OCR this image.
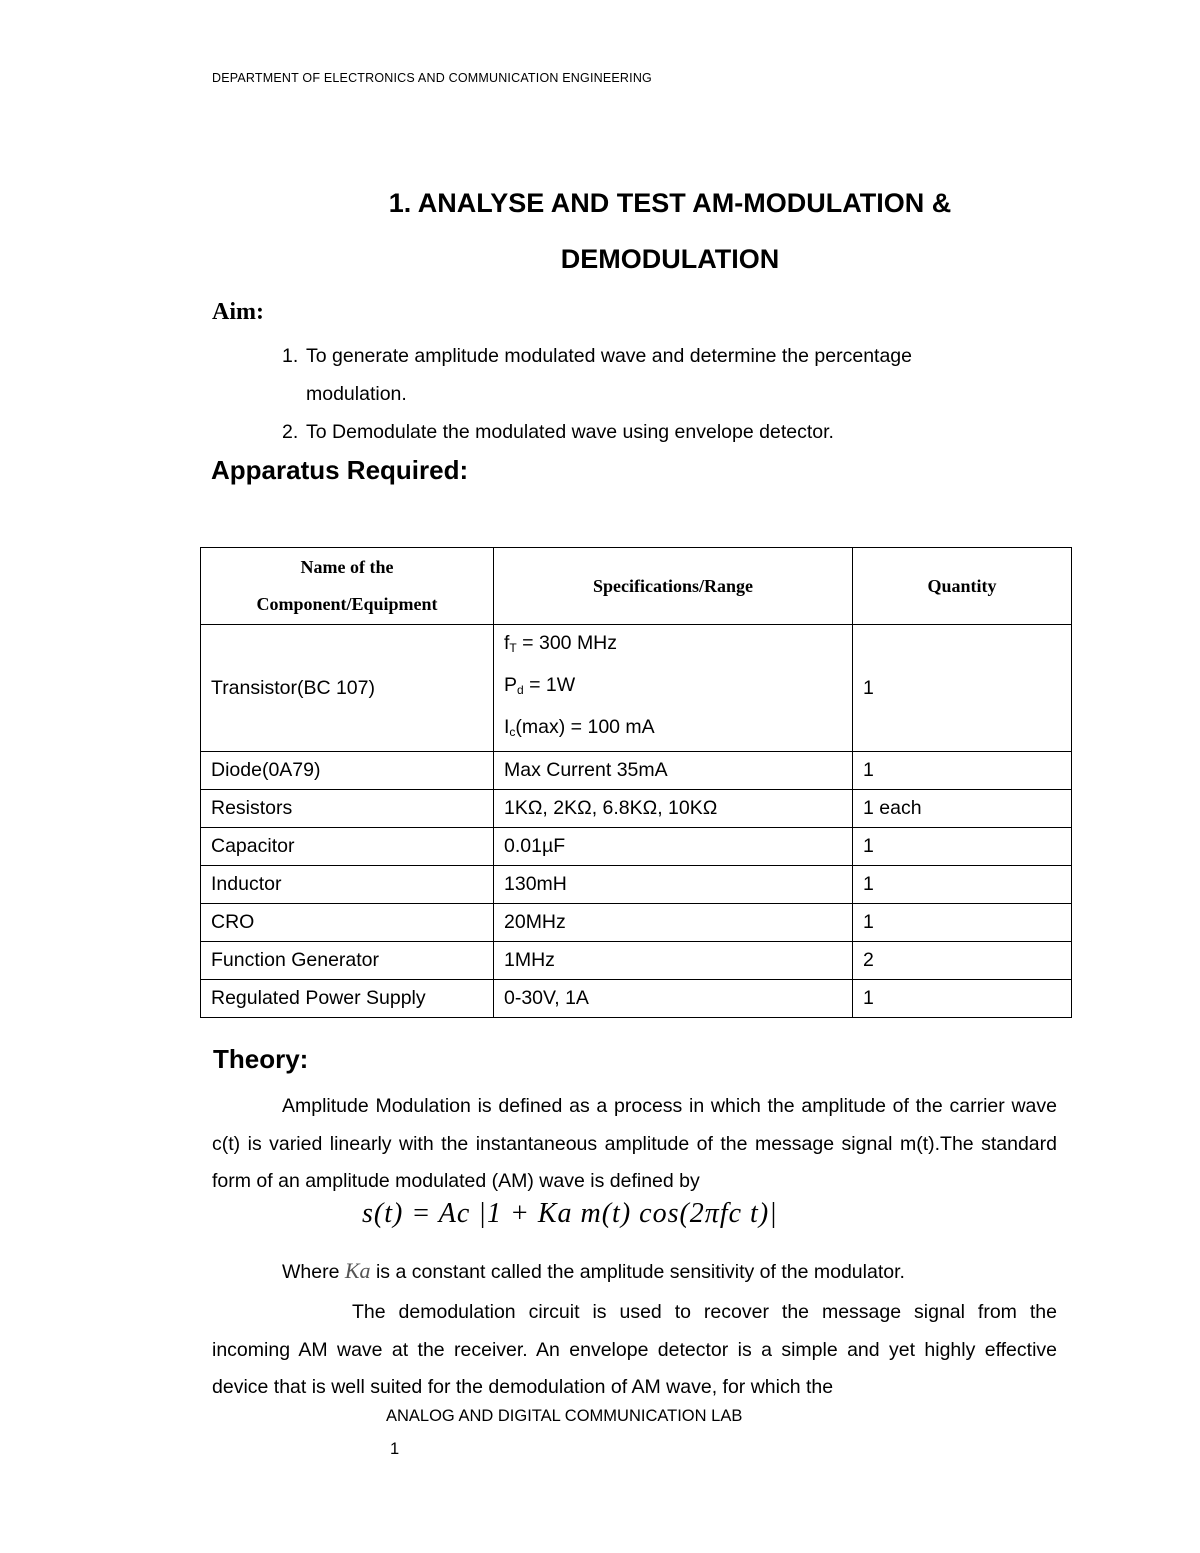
DEPARTMENT OF ELECTRONICS AND COMMUNICATION ENGINEERING
1. ANALYSE AND TEST AM-MODULATION &
DEMODULATION
Aim:
1. To generate amplitude modulated wave and determine the percentage
modulation.
2. To Demodulate the modulated wave using envelope detector.
Apparatus Required:
Name of the Component/Equipment	Specifications/Range	Quantity
Transistor(BC 107)	$f_T = 300$ MHz
$P_d = 1W$
$I_c(\max) = 100$ mA	1
Diode(0A79)	Max Current 35mA	1
Resistors	1KΩ, 2KΩ, 6.8KΩ, 10KΩ	1 each
Capacitor	0.01µF	1
Inductor	130mH	1
CRO	20MHz	1
Function Generator	1MHz	2
Regulated Power Supply	0-30V, 1A	1
Theory:
Amplitude Modulation is defined as a process in which the amplitude of the carrier wave c(t) is varied linearly with the instantaneous amplitude of the message signal m(t).The standard form of an amplitude modulated (AM) wave is defined by
s(t) = Ac |1 + Ka m(t) cos(2πfc t)|
Where Ka is a constant called the amplitude sensitivity of the modulator.
The demodulation circuit is used to recover the message signal from the incoming AM wave at the receiver. An envelope detector is a simple and yet highly effective device that is well suited for the demodulation of AM wave, for which the
ANALOG AND DIGITAL COMMUNICATION LAB
1
